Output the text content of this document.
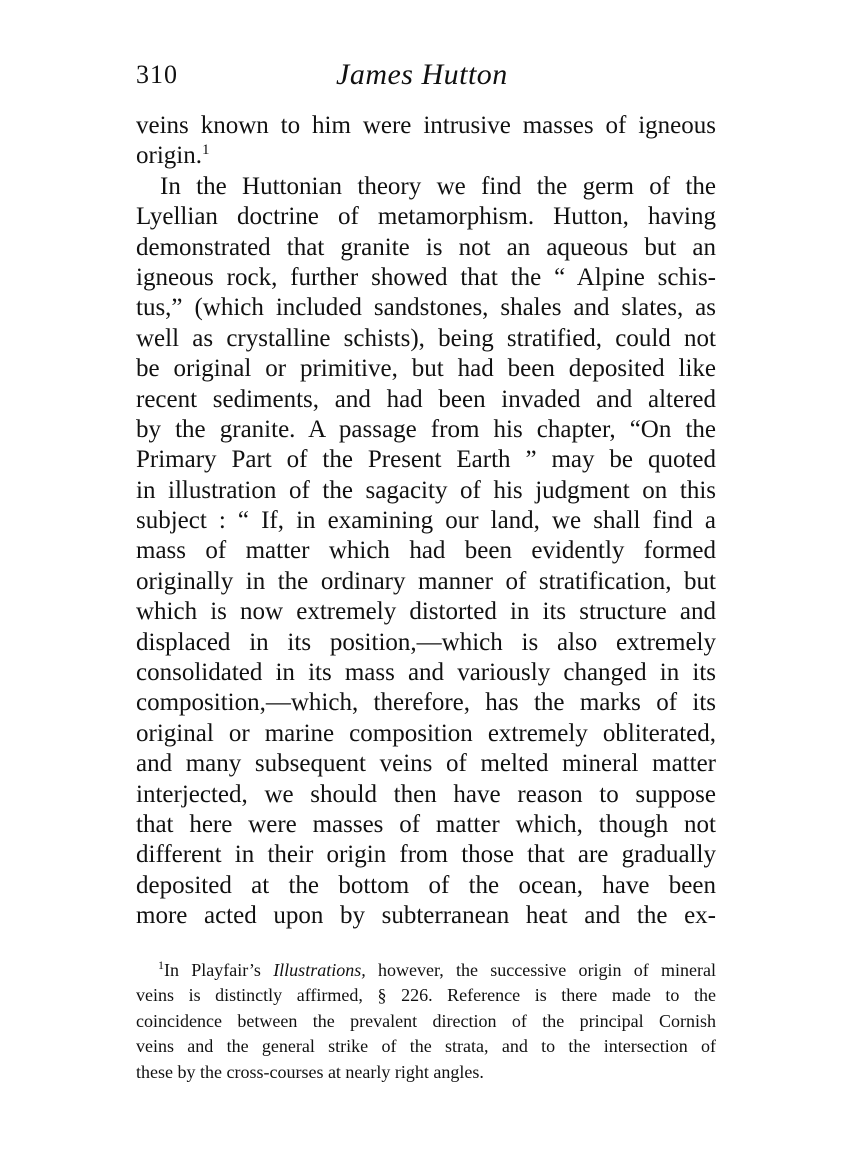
310	James Hutton
veins known to him were intrusive masses of igneous
origin.$^1$
In the Huttonian theory we find the germ of the
Lyellian doctrine of metamorphism. Hutton, having
demonstrated that granite is not an aqueous but an
igneous rock, further showed that the “ Alpine schis-
tus,” (which included sandstones, shales and slates, as
well as crystalline schists), being stratified, could not
be original or primitive, but had been deposited like
recent sediments, and had been invaded and altered
by the granite. A passage from his chapter, “On the
Primary Part of the Present Earth ” may be quoted
in illustration of the sagacity of his judgment on this
subject : “ If, in examining our land, we shall find a
mass of matter which had been evidently formed
originally in the ordinary manner of stratification, but
which is now extremely distorted in its structure and
displaced in its position,—which is also extremely
consolidated in its mass and variously changed in its
composition,—which, therefore, has the marks of its
original or marine composition extremely obliterated,
and many subsequent veins of melted mineral matter
interjected, we should then have reason to suppose
that here were masses of matter which, though not
different in their origin from those that are gradually
deposited at the bottom of the ocean, have been
more acted upon by subterranean heat and the ex-
$^1$In Playfair’s Illustrations, however, the successive origin of mineral
veins is distinctly affirmed, § 226. Reference is there made to the
coincidence between the prevalent direction of the principal Cornish
veins and the general strike of the strata, and to the intersection of
these by the cross-courses at nearly right angles.
